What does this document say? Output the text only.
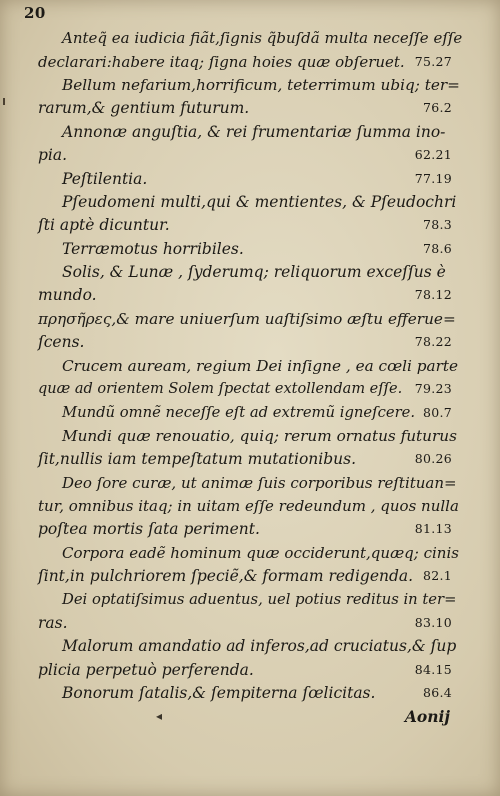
20
Anteq̃ ea iudicia fiãt,ſignis q̃buſdã multa neceſſe eſſe
declarari:habere itaq; ſigna hoies quæ obſeruet. 75.27
Bellum nefarium,horrificum, teterrimum ubiq; ter=
rarum,& gentium futurum.	76.2
Annonæ anguſtia, & rei frumentariæ ſumma ino-
pia.	62.21
Peſtilentia.	77.19
Pſeudomeni multi,qui & mentientes, & Pſeudochri
ſti aptè dicuntur.	78.3
Terræmotus horribiles.	78.6
Solis, & Lunæ , ſyderumq; reliquorum exceſſus è
mundo.	78.12
πρησῆρες,& mare uniuerſum uaſtiſsimo æſtu efferue=
ſcens.	78.22
Crucem auream, regium Dei inſigne , ea cœli parte
quæ ad orientem Solem ſpectat extollendam eſſe. 79.23
Mundũ omnẽ neceſſe eſt ad extremũ igneſcere. 80.7
Mundi quæ renouatio, quiq; rerum ornatus futurus
ſit,nullis iam tempeſtatum mutationibus.	80.26
Deo ſore curæ, ut animæ ſuis corporibus reſtituan=
tur, omnibus itaq; in uitam eſſe redeundum , quos nulla
poſtea mortis ſata periment.	81.13
Corpora eadẽ hominum quæ occiderunt,quæq; cinis
ſint,in pulchriorem ſpeciẽ,& formam redigenda. 82.1
Dei optatiſsimus aduentus, uel potius reditus in ter=
ras.	83.10
Malorum amandatio ad inferos,ad cruciatus,& ſup
plicia perpetuò perferenda.	84.15
Bonorum ſatalis,& ſempiterna ſœlicitas.	86.4
◂	Aonij
